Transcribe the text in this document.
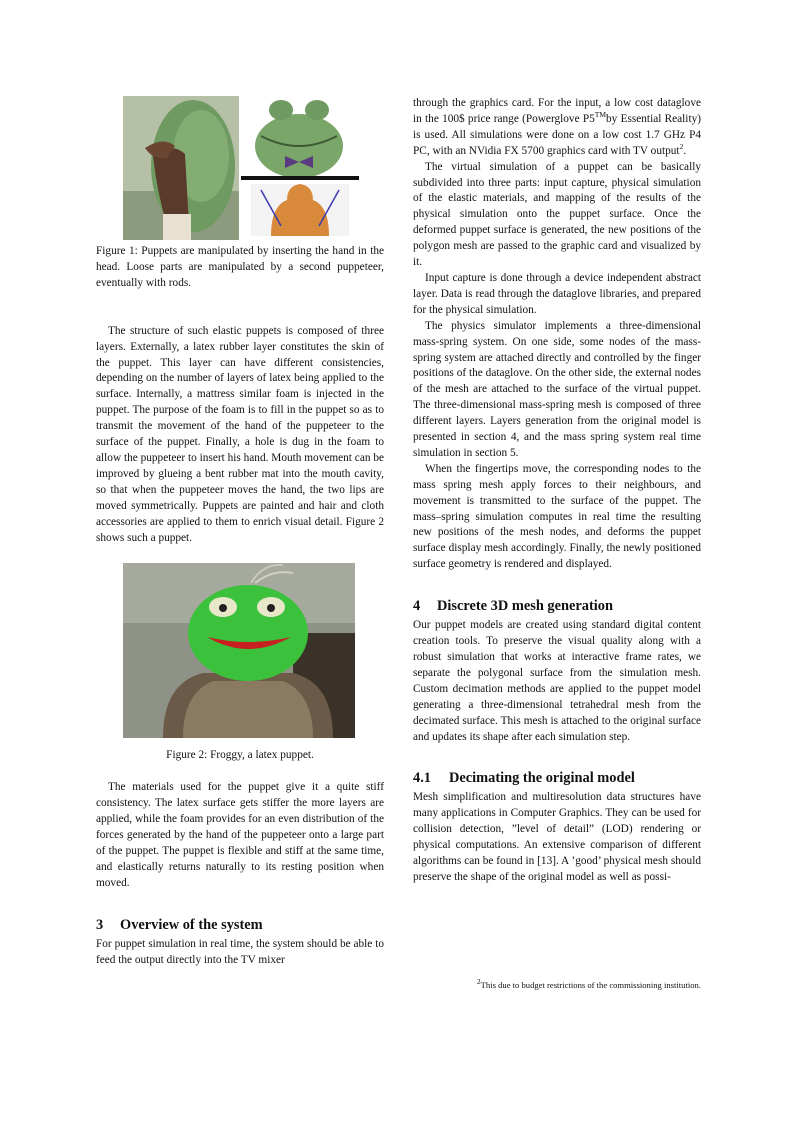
Figure 1: Puppets are manipulated by inserting the hand in the head. Loose parts are manipulated by a second puppeteer, eventually with rods.

The structure of such elastic puppets is composed of three layers. Externally, a latex rubber layer constitutes the skin of the puppet. This layer can have different consistencies, depending on the number of layers of latex being applied to the surface. Internally, a mattress similar foam is injected in the puppet. The purpose of the foam is to fill in the puppet so as to transmit the movement of the hand of the puppeteer to the surface of the puppet. Finally, a hole is dug in the foam to allow the puppeteer to insert his hand. Mouth movement can be improved by glueing a bent rubber mat into the mouth cavity, so that when the puppeteer moves the hand, the two lips are moved symmetrically. Puppets are painted and hair and cloth accessories are applied to them to enrich visual detail. Figure 2 shows such a puppet.

Figure 2: Froggy, a latex puppet.

The materials used for the puppet give it a quite stiff consistency. The latex surface gets stiffer the more layers are applied, while the foam provides for an even distribution of the forces generated by the hand of the puppeteer onto a large part of the puppet. The puppet is flexible and stiff at the same time, and elastically returns naturally to its resting position when moved.

3 Overview of the system

For puppet simulation in real time, the system should be able to feed the output directly into the TV mixer

through the graphics card. For the input, a low cost dataglove in the 100$ price range (Powerglove P5™by Essential Reality) is used. All simulations were done on a low cost 1.7 GHz P4 PC, with an NVidia FX 5700 graphics card with TV output$^2$.

The virtual simulation of a puppet can be basically subdivided into three parts: input capture, physical simulation of the elastic materials, and mapping of the results of the physical simulation onto the puppet surface. Once the deformed puppet surface is generated, the new positions of the polygon mesh are passed to the graphic card and visualized by it.

Input capture is done through a device independent abstract layer. Data is read through the dataglove libraries, and prepared for the physical simulation.

The physics simulator implements a three-dimensional mass-spring system. On one side, some nodes of the mass-spring system are attached directly and controlled by the finger positions of the dataglove. On the other side, the external nodes of the mesh are attached to the surface of the virtual puppet. The three-dimensional mass-spring mesh is composed of three different layers. Layers generation from the original model is presented in section 4, and the mass spring system real time simulation in section 5.

When the fingertips move, the corresponding nodes to the mass spring mesh apply forces to their neighbours, and movement is transmitted to the surface of the puppet. The mass–spring simulation computes in real time the resulting new positions of the mesh nodes, and deforms the puppet surface display mesh accordingly. Finally, the newly positioned surface geometry is rendered and displayed.

4 Discrete 3D mesh generation

Our puppet models are created using standard digital content creation tools. To preserve the visual quality along with a robust simulation that works at interactive frame rates, we separate the polygonal surface from the simulation mesh. Custom decimation methods are applied to the puppet model generating a three-dimensional tetrahedral mesh from the decimated surface. This mesh is attached to the original surface and updates its shape after each simulation step.

4.1 Decimating the original model

Mesh simplification and multiresolution data structures have many applications in Computer Graphics. They can be used for collision detection, ”level of detail” (LOD) rendering or physical computations. An extensive comparison of different algorithms can be found in [13]. A ’good’ physical mesh should preserve the shape of the original model as well as possi-

$^2$This due to budget restrictions of the commissioning institution.
